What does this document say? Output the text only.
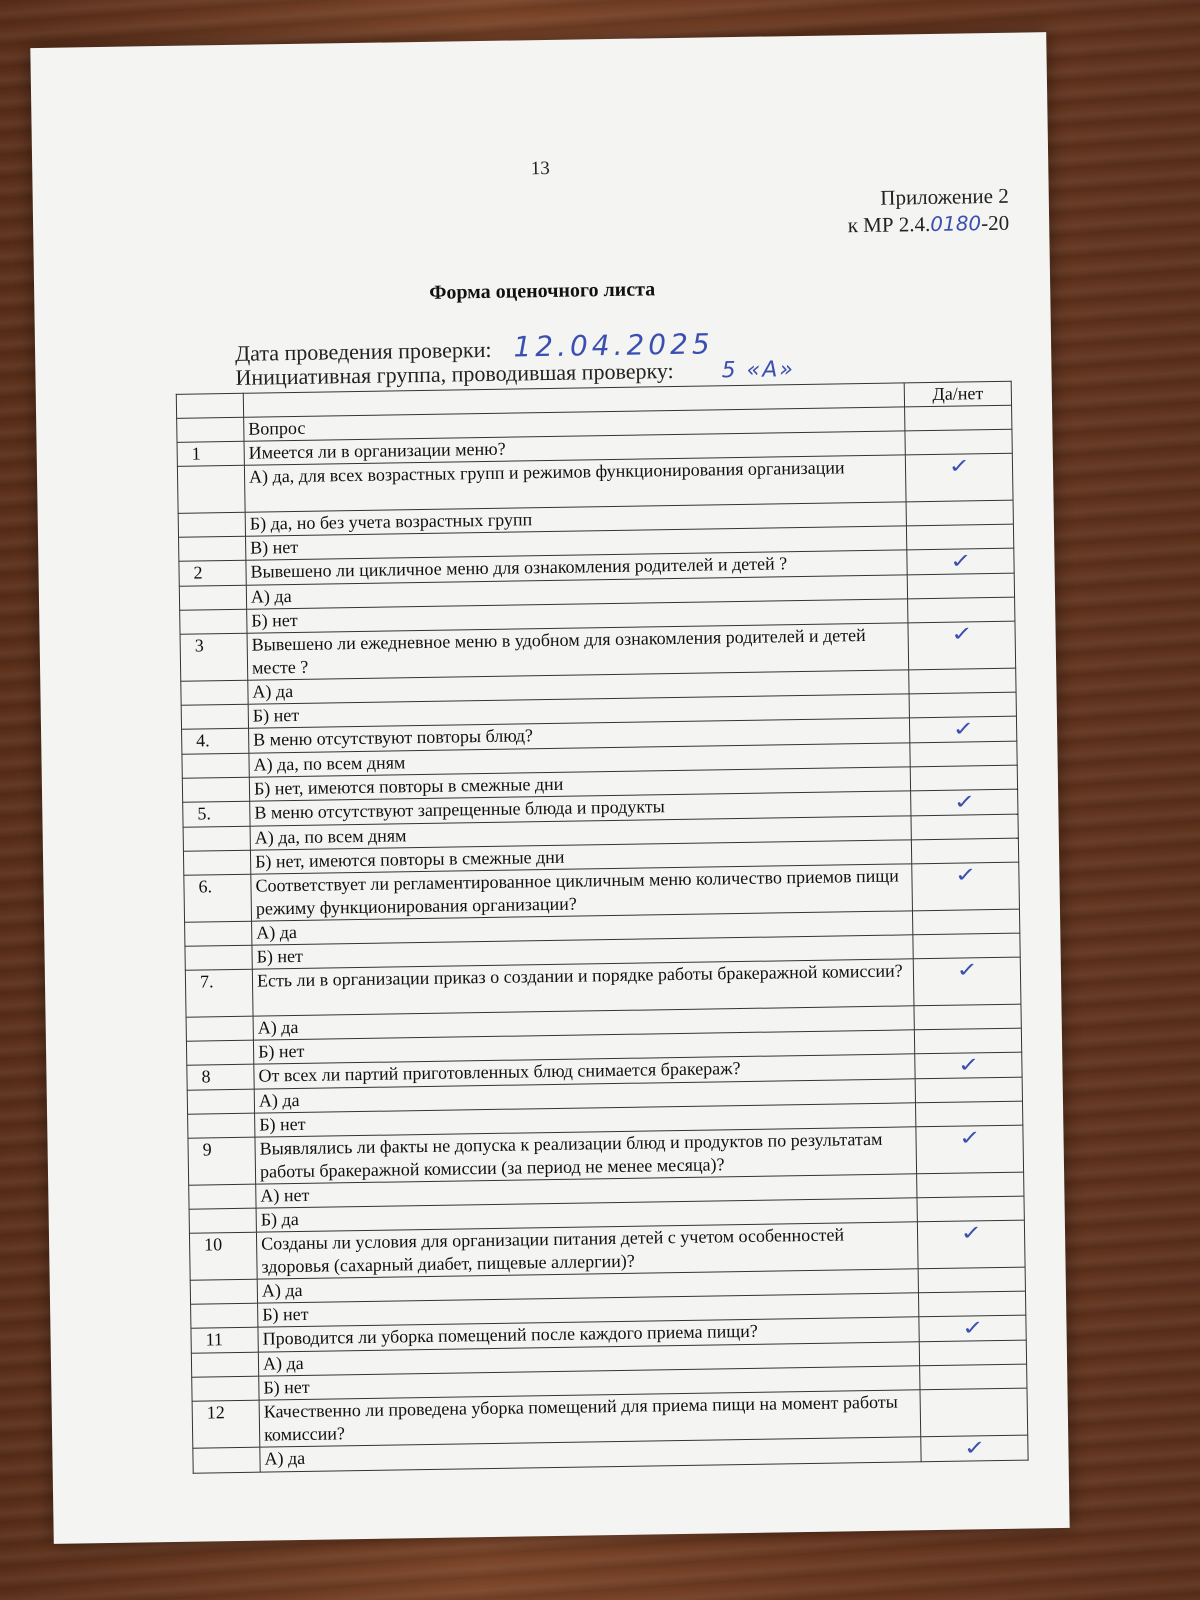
13
Приложение 2
к МР 2.4.0180-20
Форма оценочного листа
Дата проведения проверки: 12.04.2025
Инициативная группа, проводившая проверку: 5 «А»
		Да/нет
	Вопрос	
1	Имеется ли в организации меню?	
	А) да, для всех возрастных групп и режимов функционирования организации	✓
	Б) да, но без учета возрастных групп	
	В) нет	
2	Вывешено ли цикличное меню для ознакомления родителей и детей ?	✓
	А) да	
	Б) нет	
3	Вывешено ли ежедневное меню в удобном для ознакомления родителей и детей месте ?	✓
	А) да	
	Б) нет	
4.	В меню отсутствуют повторы блюд?	✓
	А) да, по всем дням	
	Б) нет, имеются повторы в смежные дни	
5.	В меню отсутствуют запрещенные блюда и продукты	✓
	А) да, по всем дням	
	Б) нет, имеются повторы в смежные дни	
6.	Соответствует ли регламентированное цикличным меню количество приемов пищи режиму функционирования организации?	✓
	А) да	
	Б) нет	
7.	Есть ли в организации приказ о создании и порядке работы бракеражной комиссии?	✓
	А) да	
	Б) нет	
8	От всех ли партий приготовленных блюд снимается бракераж?	✓
	А) да	
	Б) нет	
9	Выявлялись ли факты не допуска к реализации блюд и продуктов по результатам работы бракеражной комиссии (за период не менее месяца)?	✓
	А) нет	
	Б) да	
10	Созданы ли условия для организации питания детей с учетом особенностей здоровья (сахарный диабет, пищевые аллергии)?	✓
	А) да	
	Б) нет	
11	Проводится ли уборка помещений после каждого приема пищи?	✓
	А) да	
	Б) нет	
12	Качественно ли проведена уборка помещений для приема пищи на момент работы комиссии?	
	А) да	✓
